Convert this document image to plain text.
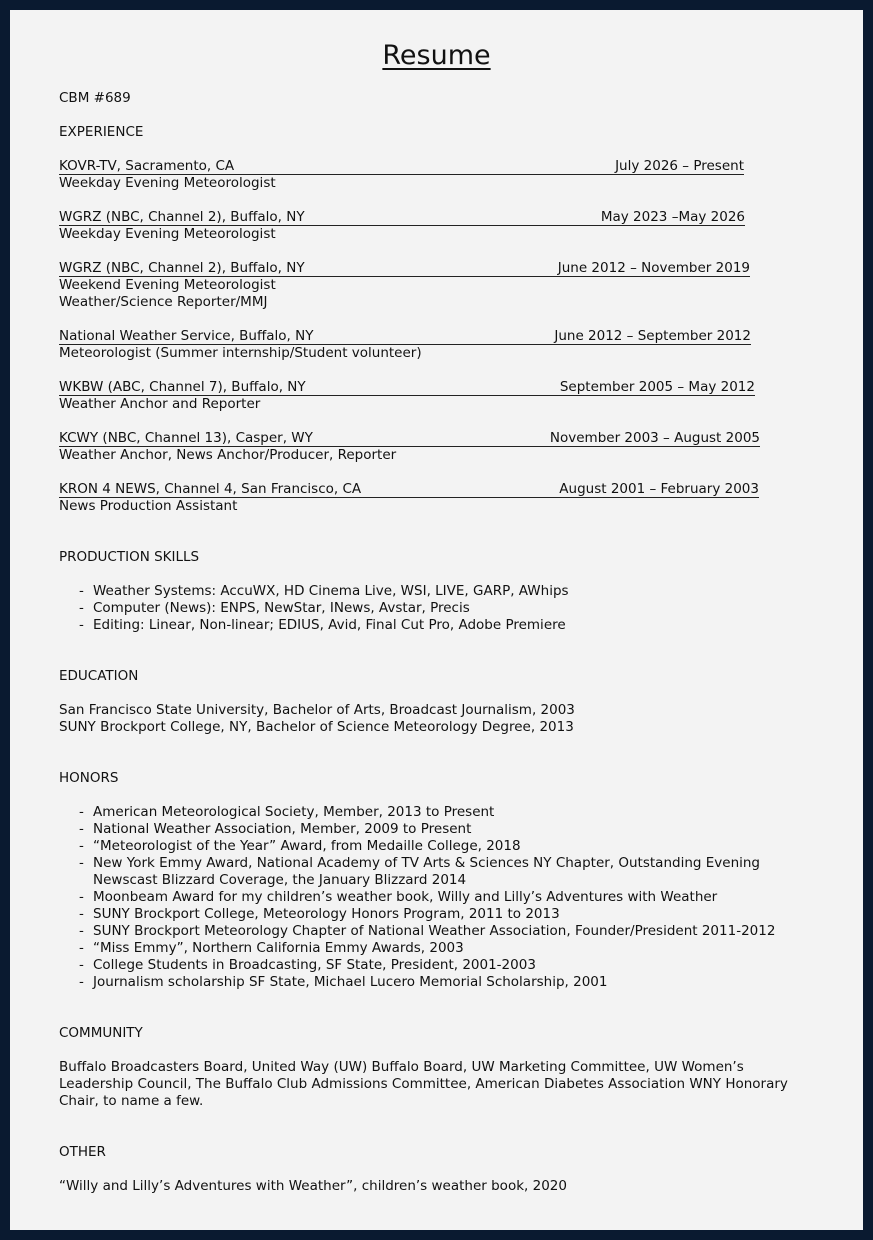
Resume
CBM #689
EXPERIENCE
KOVR-TV, Sacramento, CA	July 2026 – Present
Weekday Evening Meteorologist
WGRZ (NBC, Channel 2), Buffalo, NY	May 2023 –May 2026
Weekday Evening Meteorologist
WGRZ (NBC, Channel 2), Buffalo, NY	June 2012 – November 2019
Weekend Evening Meteorologist
Weather/Science Reporter/MMJ
National Weather Service, Buffalo, NY	June 2012 – September 2012
Meteorologist (Summer internship/Student volunteer)
WKBW (ABC, Channel 7), Buffalo, NY	September 2005 – May 2012
Weather Anchor and Reporter
KCWY (NBC, Channel 13), Casper, WY	November 2003 – August 2005
Weather Anchor, News Anchor/Producer, Reporter
KRON 4 NEWS, Channel 4, San Francisco, CA	August 2001 – February 2003
News Production Assistant
PRODUCTION SKILLS
- Weather Systems: AccuWX, HD Cinema Live, WSI, LIVE, GARP, AWhips
- Computer (News): ENPS, NewStar, INews, Avstar, Precis
- Editing: Linear, Non-linear; EDIUS, Avid, Final Cut Pro, Adobe Premiere
EDUCATION
San Francisco State University, Bachelor of Arts, Broadcast Journalism, 2003
SUNY Brockport College, NY, Bachelor of Science Meteorology Degree, 2013
HONORS
- American Meteorological Society, Member, 2013 to Present
- National Weather Association, Member, 2009 to Present
- “Meteorologist of the Year” Award, from Medaille College, 2018
- New York Emmy Award, National Academy of TV Arts & Sciences NY Chapter, Outstanding Evening Newscast Blizzard Coverage, the January Blizzard 2014
- Moonbeam Award for my children’s weather book, Willy and Lilly’s Adventures with Weather
- SUNY Brockport College, Meteorology Honors Program, 2011 to 2013
- SUNY Brockport Meteorology Chapter of National Weather Association, Founder/President 2011-2012
- “Miss Emmy”, Northern California Emmy Awards, 2003
- College Students in Broadcasting, SF State, President, 2001-2003
- Journalism scholarship SF State, Michael Lucero Memorial Scholarship, 2001
COMMUNITY
Buffalo Broadcasters Board, United Way (UW) Buffalo Board, UW Marketing Committee, UW Women’s Leadership Council, The Buffalo Club Admissions Committee, American Diabetes Association WNY Honorary Chair, to name a few.
OTHER
“Willy and Lilly’s Adventures with Weather”, children’s weather book, 2020
